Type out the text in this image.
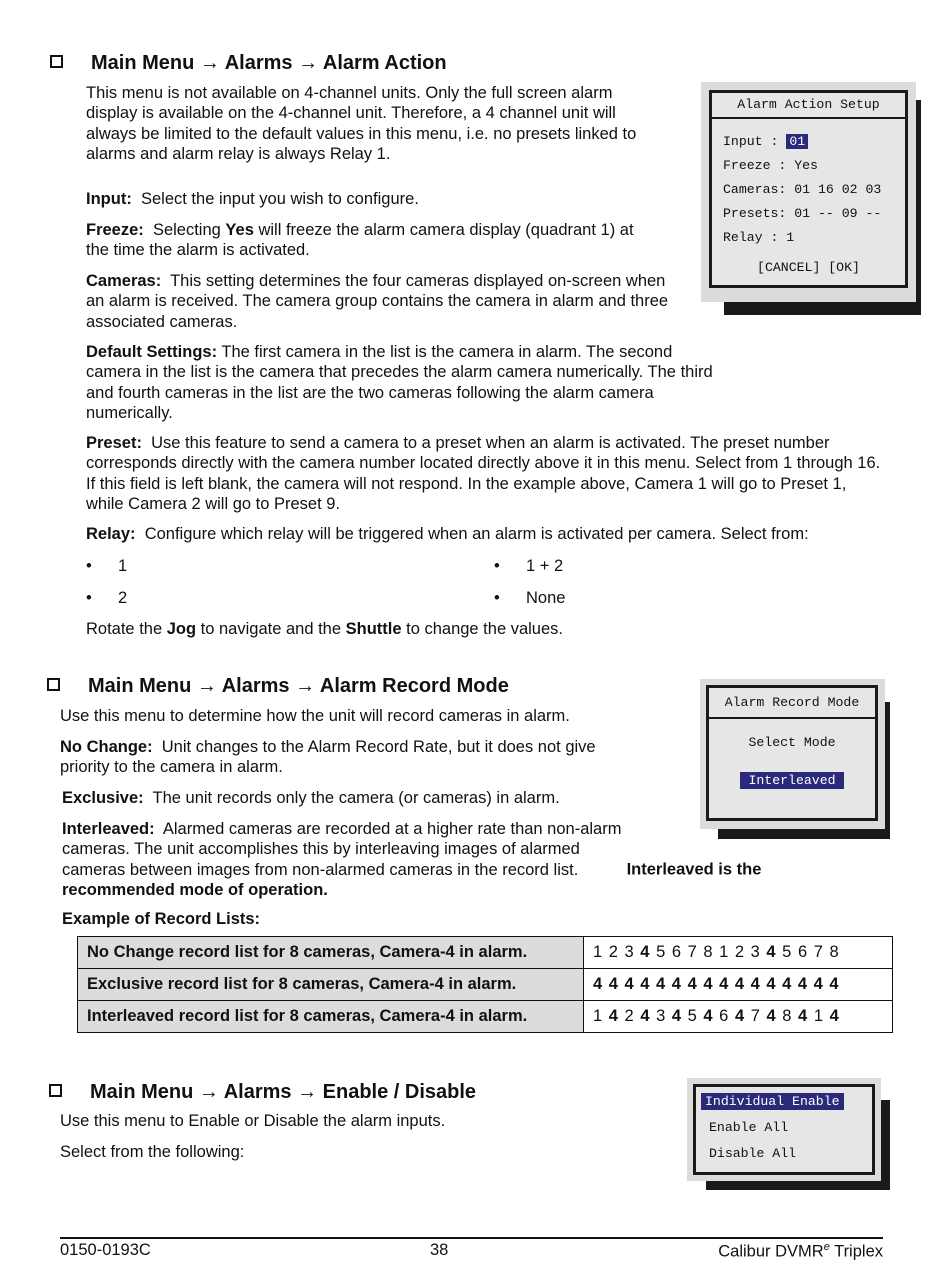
Main Menu → Alarms → Alarm Action
This menu is not available on 4-channel units. Only the full screen alarm display is available on the 4-channel unit. Therefore, a 4 channel unit will always be limited to the default values in this menu, i.e. no presets linked to alarms and alarm relay is always Relay 1.
Input: Select the input you wish to configure.
Freeze: Selecting Yes will freeze the alarm camera display (quadrant 1) at the time the alarm is activated.
Cameras: This setting determines the four cameras displayed on-screen when an alarm is received. The camera group contains the camera in alarm and three associated cameras.
Default Settings: The first camera in the list is the camera in alarm. The second camera in the list is the camera that precedes the alarm camera numerically. The third and fourth cameras in the list are the two cameras following the alarm camera numerically.
Preset: Use this feature to send a camera to a preset when an alarm is activated. The preset number corresponds directly with the camera number located directly above it in this menu. Select from 1 through 16. If this field is left blank, the camera will not respond. In the example above, Camera 1 will go to Preset 1, while Camera 2 will go to Preset 9.
Relay: Configure which relay will be triggered when an alarm is activated per camera. Select from:
• 1	• 1 + 2
• 2	• None
Rotate the Jog to navigate and the Shuttle to change the values.
Alarm Action Setup
Input : 01
Freeze : Yes
Cameras: 01 16 02 03
Presets: 01 -- 09 --
Relay : 1
[CANCEL] [OK]
Main Menu → Alarms → Alarm Record Mode
Use this menu to determine how the unit will record cameras in alarm.
No Change: Unit changes to the Alarm Record Rate, but it does not give priority to the camera in alarm.
Exclusive: The unit records only the camera (or cameras) in alarm.
Interleaved: Alarmed cameras are recorded at a higher rate than non-alarm cameras. The unit accomplishes this by interleaving images of alarmed cameras between images from non-alarmed cameras in the record list.	Interleaved is the recommended mode of operation.
Example of Record Lists:
No Change record list for 8 cameras, Camera-4 in alarm.	1 2 3 4 5 6 7 8 1 2 3 4 5 6 7 8
Exclusive record list for 8 cameras, Camera-4 in alarm.	4 4 4 4 4 4 4 4 4 4 4 4 4 4 4 4
Interleaved record list for 8 cameras, Camera-4 in alarm.	1 4 2 4 3 4 5 4 6 4 7 4 8 4 1 4
Alarm Record Mode
Select Mode
Interleaved
Main Menu → Alarms → Enable / Disable
Use this menu to Enable or Disable the alarm inputs.
Select from the following:
Individual Enable
Enable All
Disable All
0150-0193C	38	Calibur DVMR$^e$ Triplex
